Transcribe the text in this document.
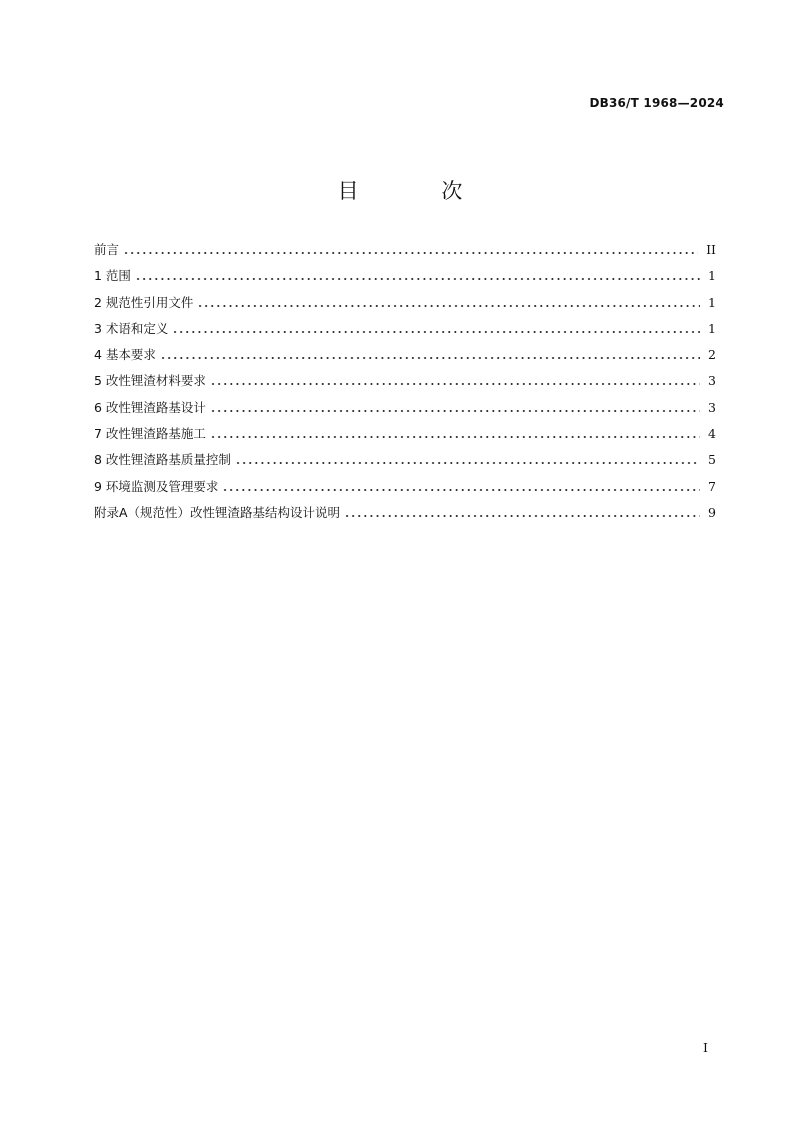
DB36/T 1968—2024
目 次
前言	II
1 范围	1
2 规范性引用文件	1
3 术语和定义	1
4 基本要求	2
5 改性锂渣材料要求	3
6 改性锂渣路基设计	3
7 改性锂渣路基施工	4
8 改性锂渣路基质量控制	5
9 环境监测及管理要求	7
附录A（规范性）改性锂渣路基结构设计说明	9
I
